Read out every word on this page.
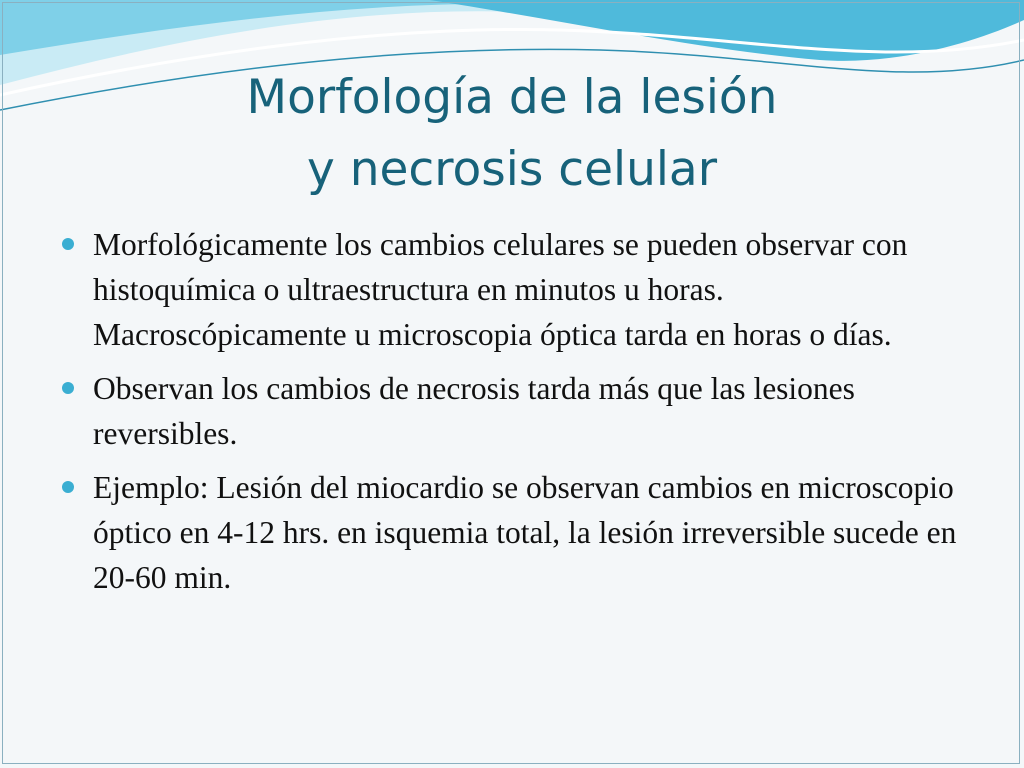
Morfología de la lesión
y necrosis celular
Morfológicamente los cambios celulares se pueden observar con histoquímica o ultraestructura en minutos u horas. Macroscópicamente u microscopia óptica tarda en horas o días.
Observan los cambios de necrosis tarda más que las lesiones reversibles.
Ejemplo: Lesión del miocardio se observan cambios en microscopio óptico en 4-12 hrs. en isquemia total, la lesión irreversible sucede en 20-60 min.
